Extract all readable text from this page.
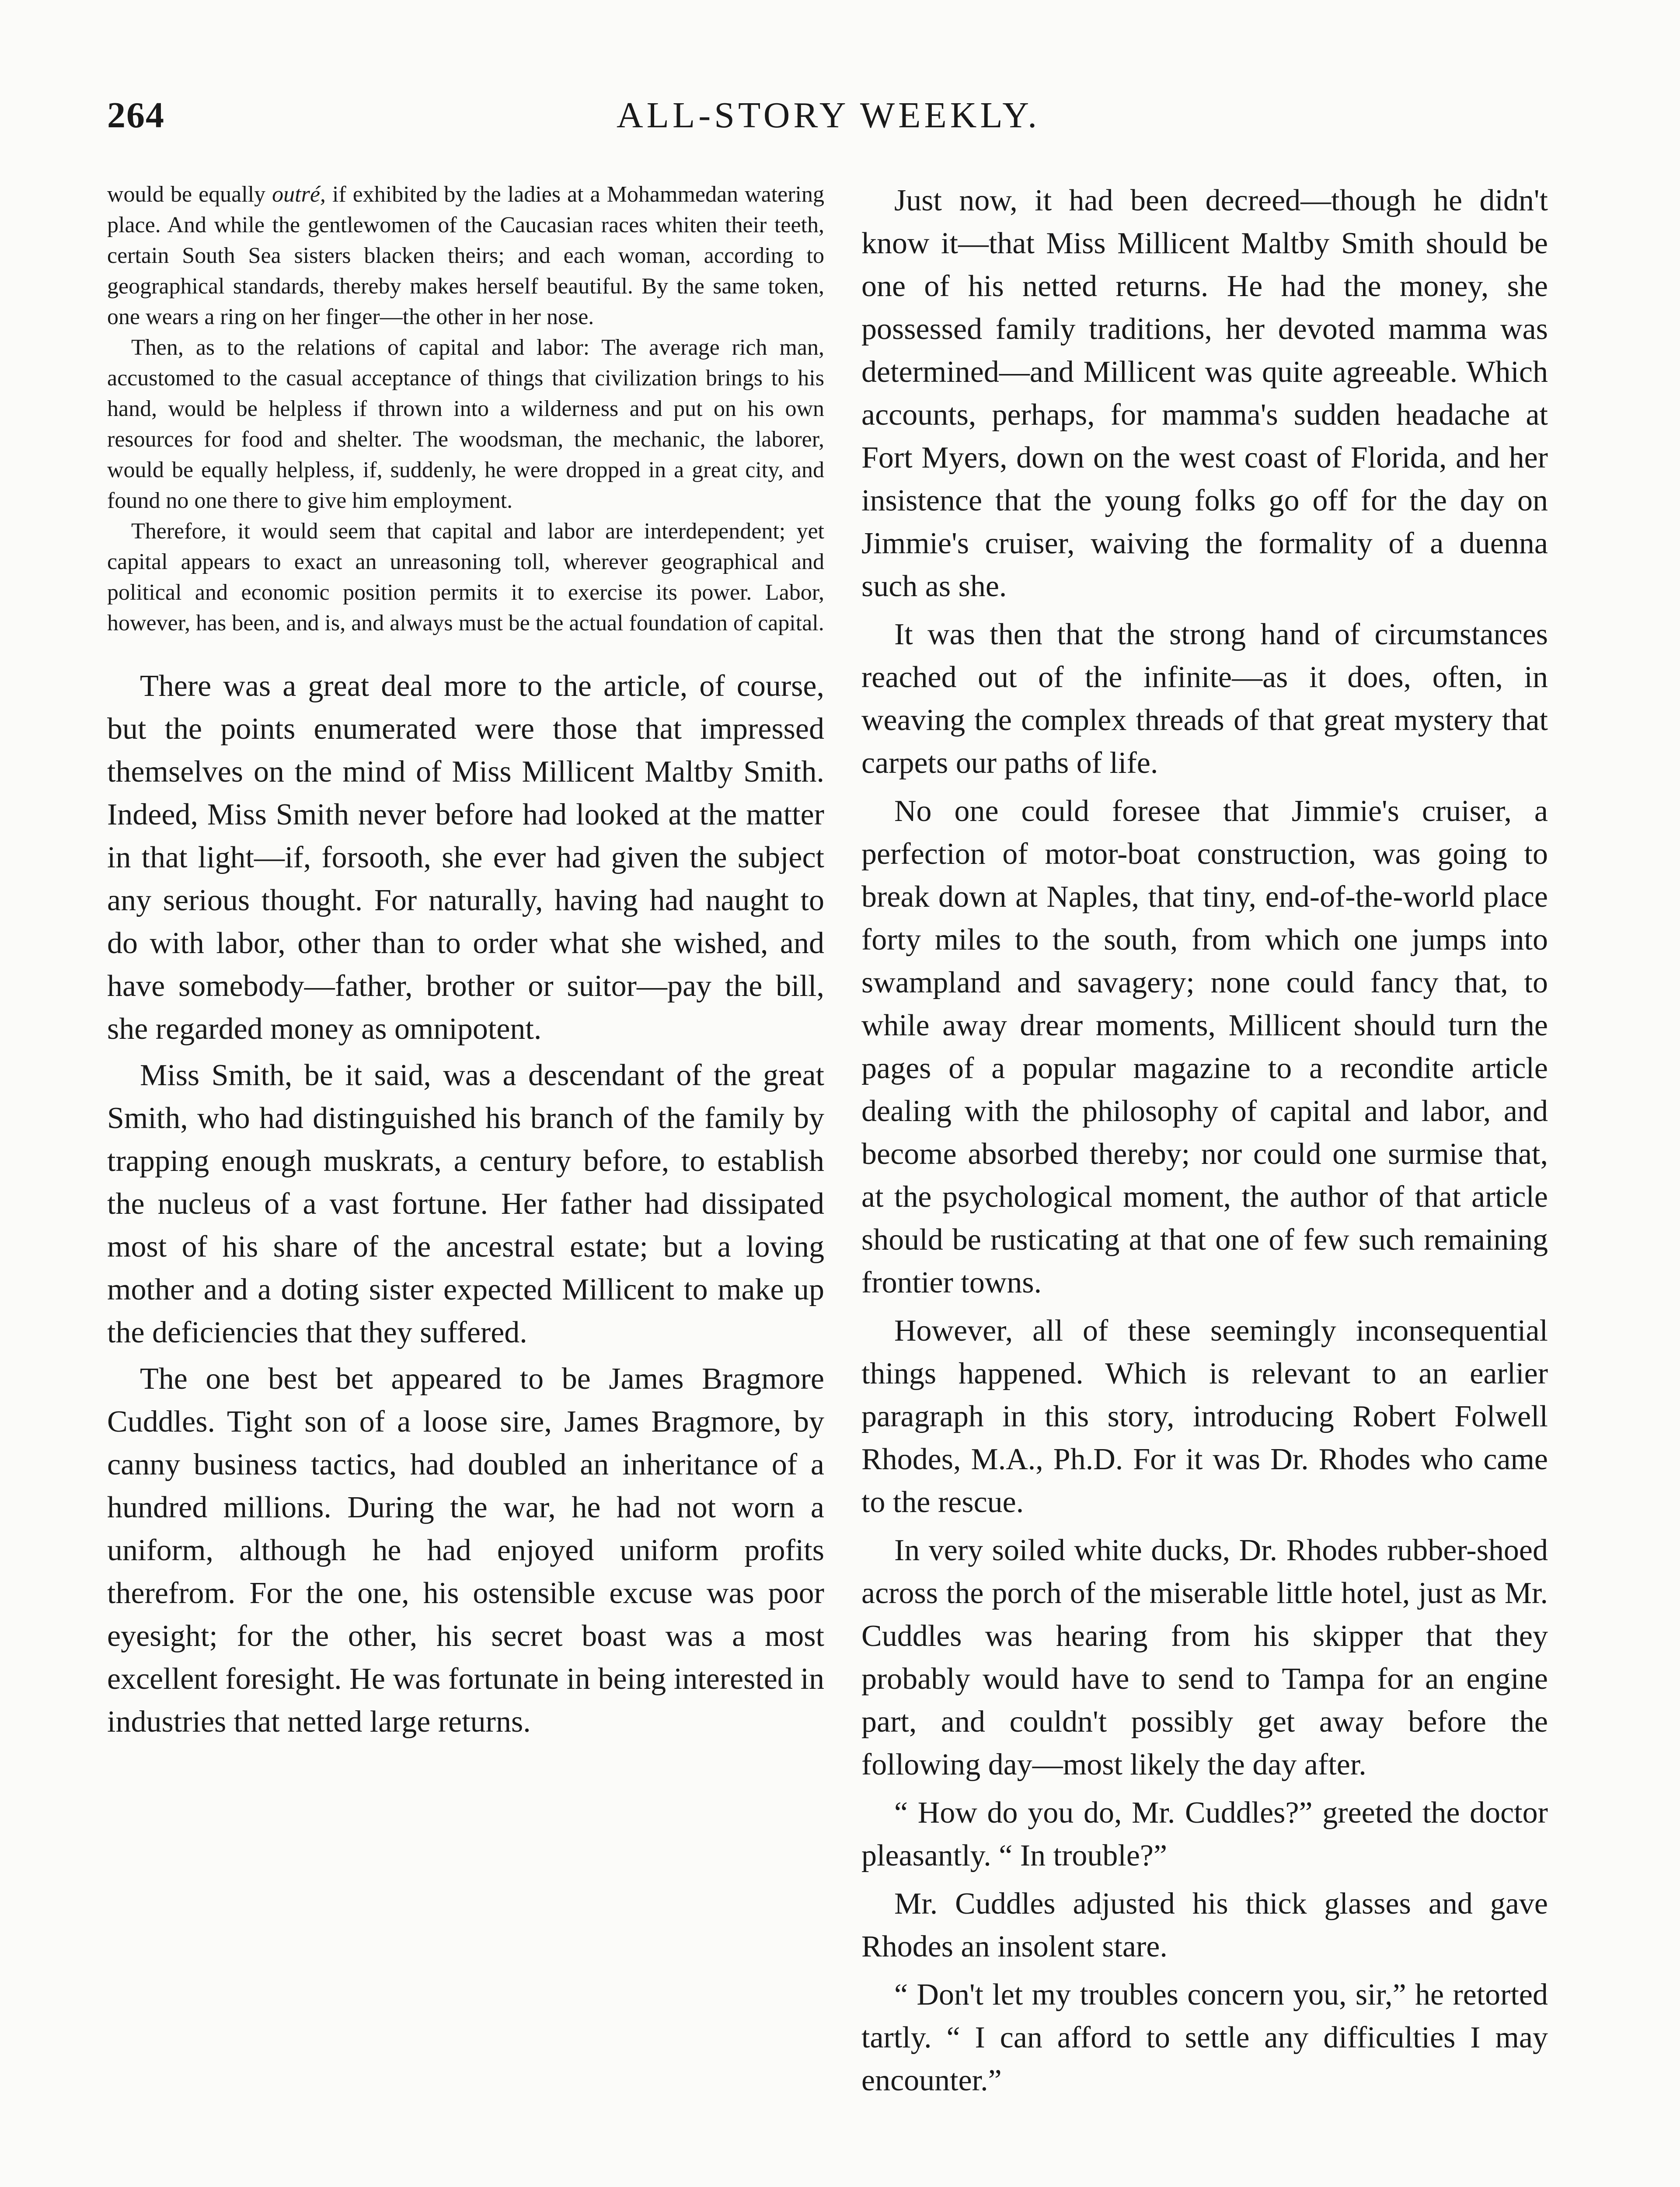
264	ALL-STORY WEEKLY.

would be equally outré, if exhibited by the ladies at a Mohammedan watering place. And while the gentlewomen of the Caucasian races whiten their teeth, certain South Sea sisters blacken theirs; and each woman, according to geographical standards, thereby makes herself beautiful. By the same token, one wears a ring on her finger—the other in her nose.

Then, as to the relations of capital and labor: The average rich man, accustomed to the casual acceptance of things that civilization brings to his hand, would be helpless if thrown into a wilderness and put on his own resources for food and shelter. The woodsman, the mechanic, the laborer, would be equally helpless, if, suddenly, he were dropped in a great city, and found no one there to give him employment.

Therefore, it would seem that capital and labor are interdependent; yet capital appears to exact an unreasoning toll, wherever geographical and political and economic position permits it to exercise its power. Labor, however, has been, and is, and always must be the actual foundation of capital.

There was a great deal more to the article, of course, but the points enumerated were those that impressed themselves on the mind of Miss Millicent Maltby Smith. Indeed, Miss Smith never before had looked at the matter in that light—if, forsooth, she ever had given the subject any serious thought. For naturally, having had naught to do with labor, other than to order what she wished, and have somebody—father, brother or suitor—pay the bill, she regarded money as omnipotent.

Miss Smith, be it said, was a descendant of the great Smith, who had distinguished his branch of the family by trapping enough muskrats, a century before, to establish the nucleus of a vast fortune. Her father had dissipated most of his share of the ancestral estate; but a loving mother and a doting sister expected Millicent to make up the deficiencies that they suffered.

The one best bet appeared to be James Bragmore Cuddles. Tight son of a loose sire, James Bragmore, by canny business tactics, had doubled an inheritance of a hundred millions. During the war, he had not worn a uniform, although he had enjoyed uniform profits therefrom. For the one, his ostensible excuse was poor eyesight; for the other, his secret boast was a most excellent foresight. He was fortunate in being interested in industries that netted large returns.

Just now, it had been decreed—though he didn't know it—that Miss Millicent Maltby Smith should be one of his netted returns. He had the money, she possessed family traditions, her devoted mamma was determined—and Millicent was quite agreeable. Which accounts, perhaps, for mamma's sudden headache at Fort Myers, down on the west coast of Florida, and her insistence that the young folks go off for the day on Jimmie's cruiser, waiving the formality of a duenna such as she.

It was then that the strong hand of circumstances reached out of the infinite—as it does, often, in weaving the complex threads of that great mystery that carpets our paths of life.

No one could foresee that Jimmie's cruiser, a perfection of motor-boat construction, was going to break down at Naples, that tiny, end-of-the-world place forty miles to the south, from which one jumps into swampland and savagery; none could fancy that, to while away drear moments, Millicent should turn the pages of a popular magazine to a recondite article dealing with the philosophy of capital and labor, and become absorbed thereby; nor could one surmise that, at the psychological moment, the author of that article should be rusticating at that one of few such remaining frontier towns.

However, all of these seemingly inconsequential things happened. Which is relevant to an earlier paragraph in this story, introducing Robert Folwell Rhodes, M.A., Ph.D. For it was Dr. Rhodes who came to the rescue.

In very soiled white ducks, Dr. Rhodes rubber-shoed across the porch of the miserable little hotel, just as Mr. Cuddles was hearing from his skipper that they probably would have to send to Tampa for an engine part, and couldn't possibly get away before the following day—most likely the day after.

“ How do you do, Mr. Cuddles?” greeted the doctor pleasantly. “ In trouble?”

Mr. Cuddles adjusted his thick glasses and gave Rhodes an insolent stare.

“ Don't let my troubles concern you, sir,” he retorted tartly. “ I can afford to settle any difficulties I may encounter.”
